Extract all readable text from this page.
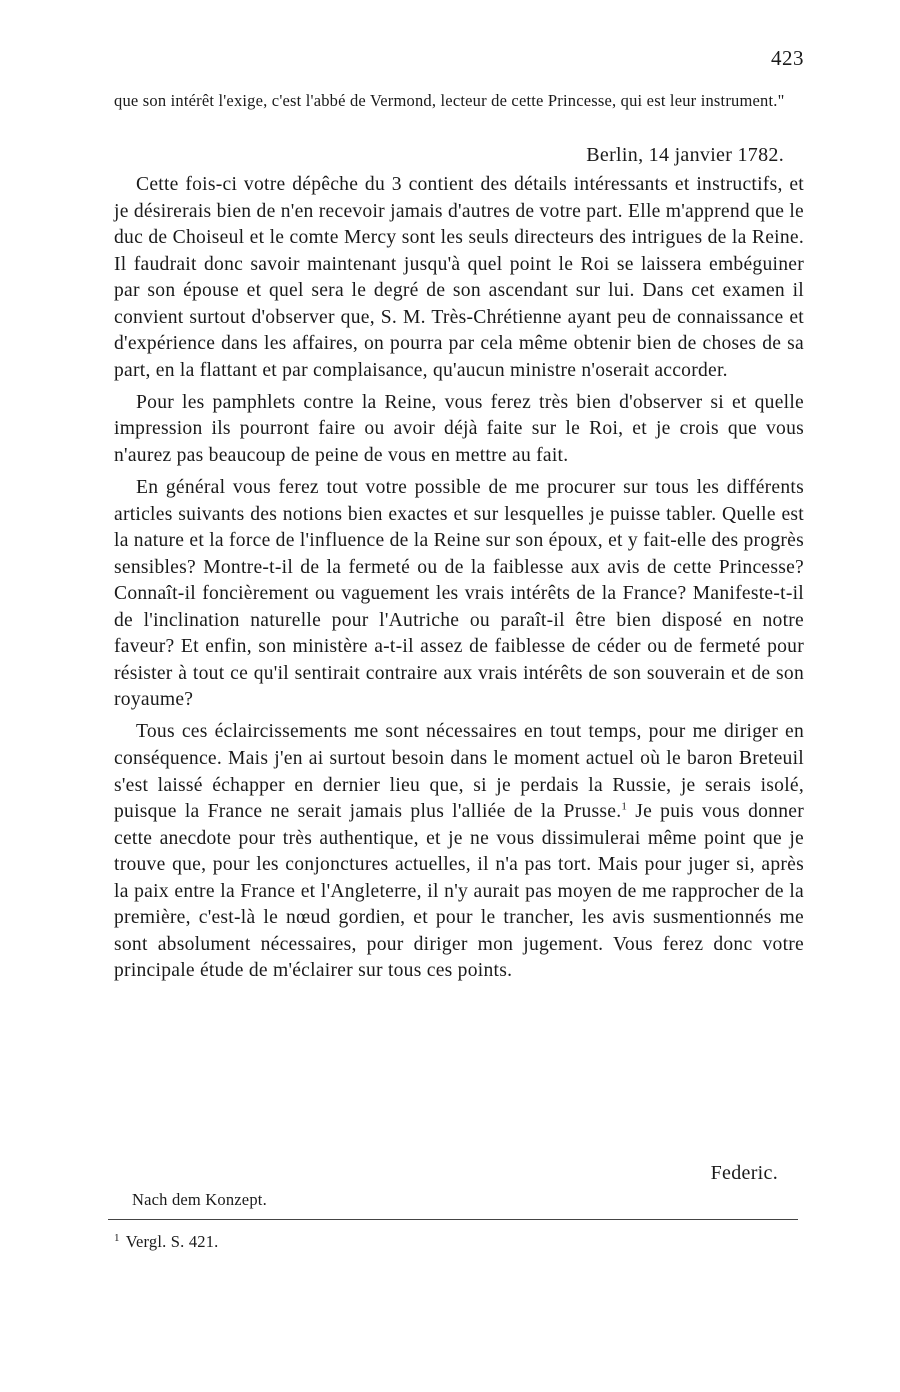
423
que son intérêt l'exige, c'est l'abbé de Vermond, lecteur de cette Princesse, qui est leur instrument."
Berlin, 14 janvier 1782.

Cette fois-ci votre dépêche du 3 contient des détails intéressants et instructifs, et je désirerais bien de n'en recevoir jamais d'autres de votre part. Elle m'apprend que le duc de Choiseul et le comte Mercy sont les seuls directeurs des intrigues de la Reine. Il faudrait donc savoir maintenant jusqu'à quel point le Roi se laissera embéguiner par son épouse et quel sera le degré de son ascendant sur lui. Dans cet examen il convient surtout d'observer que, S. M. Très-Chrétienne ayant peu de connaissance et d'expérience dans les affaires, on pourra par cela même obtenir bien de choses de sa part, en la flattant et par complaisance, qu'aucun ministre n'oserait accorder.

Pour les pamphlets contre la Reine, vous ferez très bien d'observer si et quelle impression ils pourront faire ou avoir déjà faite sur le Roi, et je crois que vous n'aurez pas beaucoup de peine de vous en mettre au fait.

En général vous ferez tout votre possible de me procurer sur tous les différents articles suivants des notions bien exactes et sur lesquelles je puisse tabler. Quelle est la nature et la force de l'influence de la Reine sur son époux, et y fait-elle des progrès sensibles? Montre-t-il de la fermeté ou de la faiblesse aux avis de cette Princesse? Connaît-il foncièrement ou vaguement les vrais intérêts de la France? Manifeste-t-il de l'inclination naturelle pour l'Autriche ou paraît-il être bien disposé en notre faveur? Et enfin, son ministère a-t-il assez de faiblesse de céder ou de fermeté pour résister à tout ce qu'il sentirait contraire aux vrais intérêts de son souverain et de son royaume?

Tous ces éclaircissements me sont nécessaires en tout temps, pour me diriger en conséquence. Mais j'en ai surtout besoin dans le moment actuel où le baron Breteuil s'est laissé échapper en dernier lieu que, si je perdais la Russie, je serais isolé, puisque la France ne serait jamais plus l'alliée de la Prusse.$^1$ Je puis vous donner cette anecdote pour très authentique, et je ne vous dissimulerai même point que je trouve que, pour les conjonctures actuelles, il n'a pas tort. Mais pour juger si, après la paix entre la France et l'Angleterre, il n'y aurait pas moyen de me rapprocher de la première, c'est-là le nœud gordien, et pour le trancher, les avis susmentionnés me sont absolument nécessaires, pour diriger mon jugement. Vous ferez donc votre principale étude de m'éclairer sur tous ces points.

Federic.
Nach dem Konzept.
$^1$ Vergl. S. 421.
